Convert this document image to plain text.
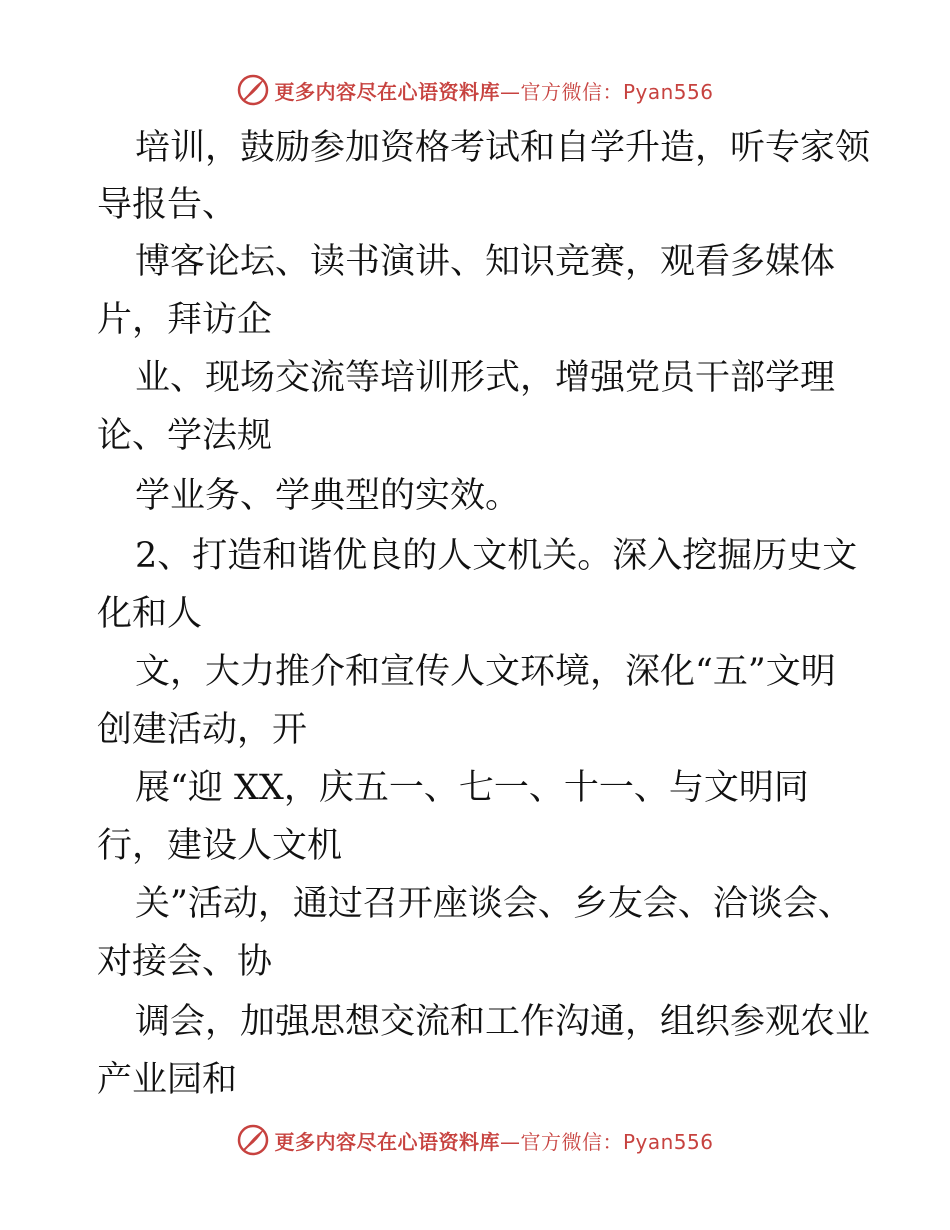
更多内容尽在心语资料库—官方微信：Pyan556
培训，鼓励参加资格考试和自学升造，听专家领
导报告、
博客论坛、读书演讲、知识竞赛，观看多媒体
片，拜访企
业、现场交流等培训形式，增强党员干部学理
论、学法规
学业务、学典型的实效。
2、打造和谐优良的人文机关。深入挖掘历史文
化和人
文，大力推介和宣传人文环境，深化“五”文明
创建活动，开
展“迎 XX，庆五一、七一、十一、与文明同
行，建设人文机
关”活动，通过召开座谈会、乡友会、洽谈会、
对接会、协
调会，加强思想交流和工作沟通，组织参观农业
产业园和
更多内容尽在心语资料库—官方微信：Pyan556
